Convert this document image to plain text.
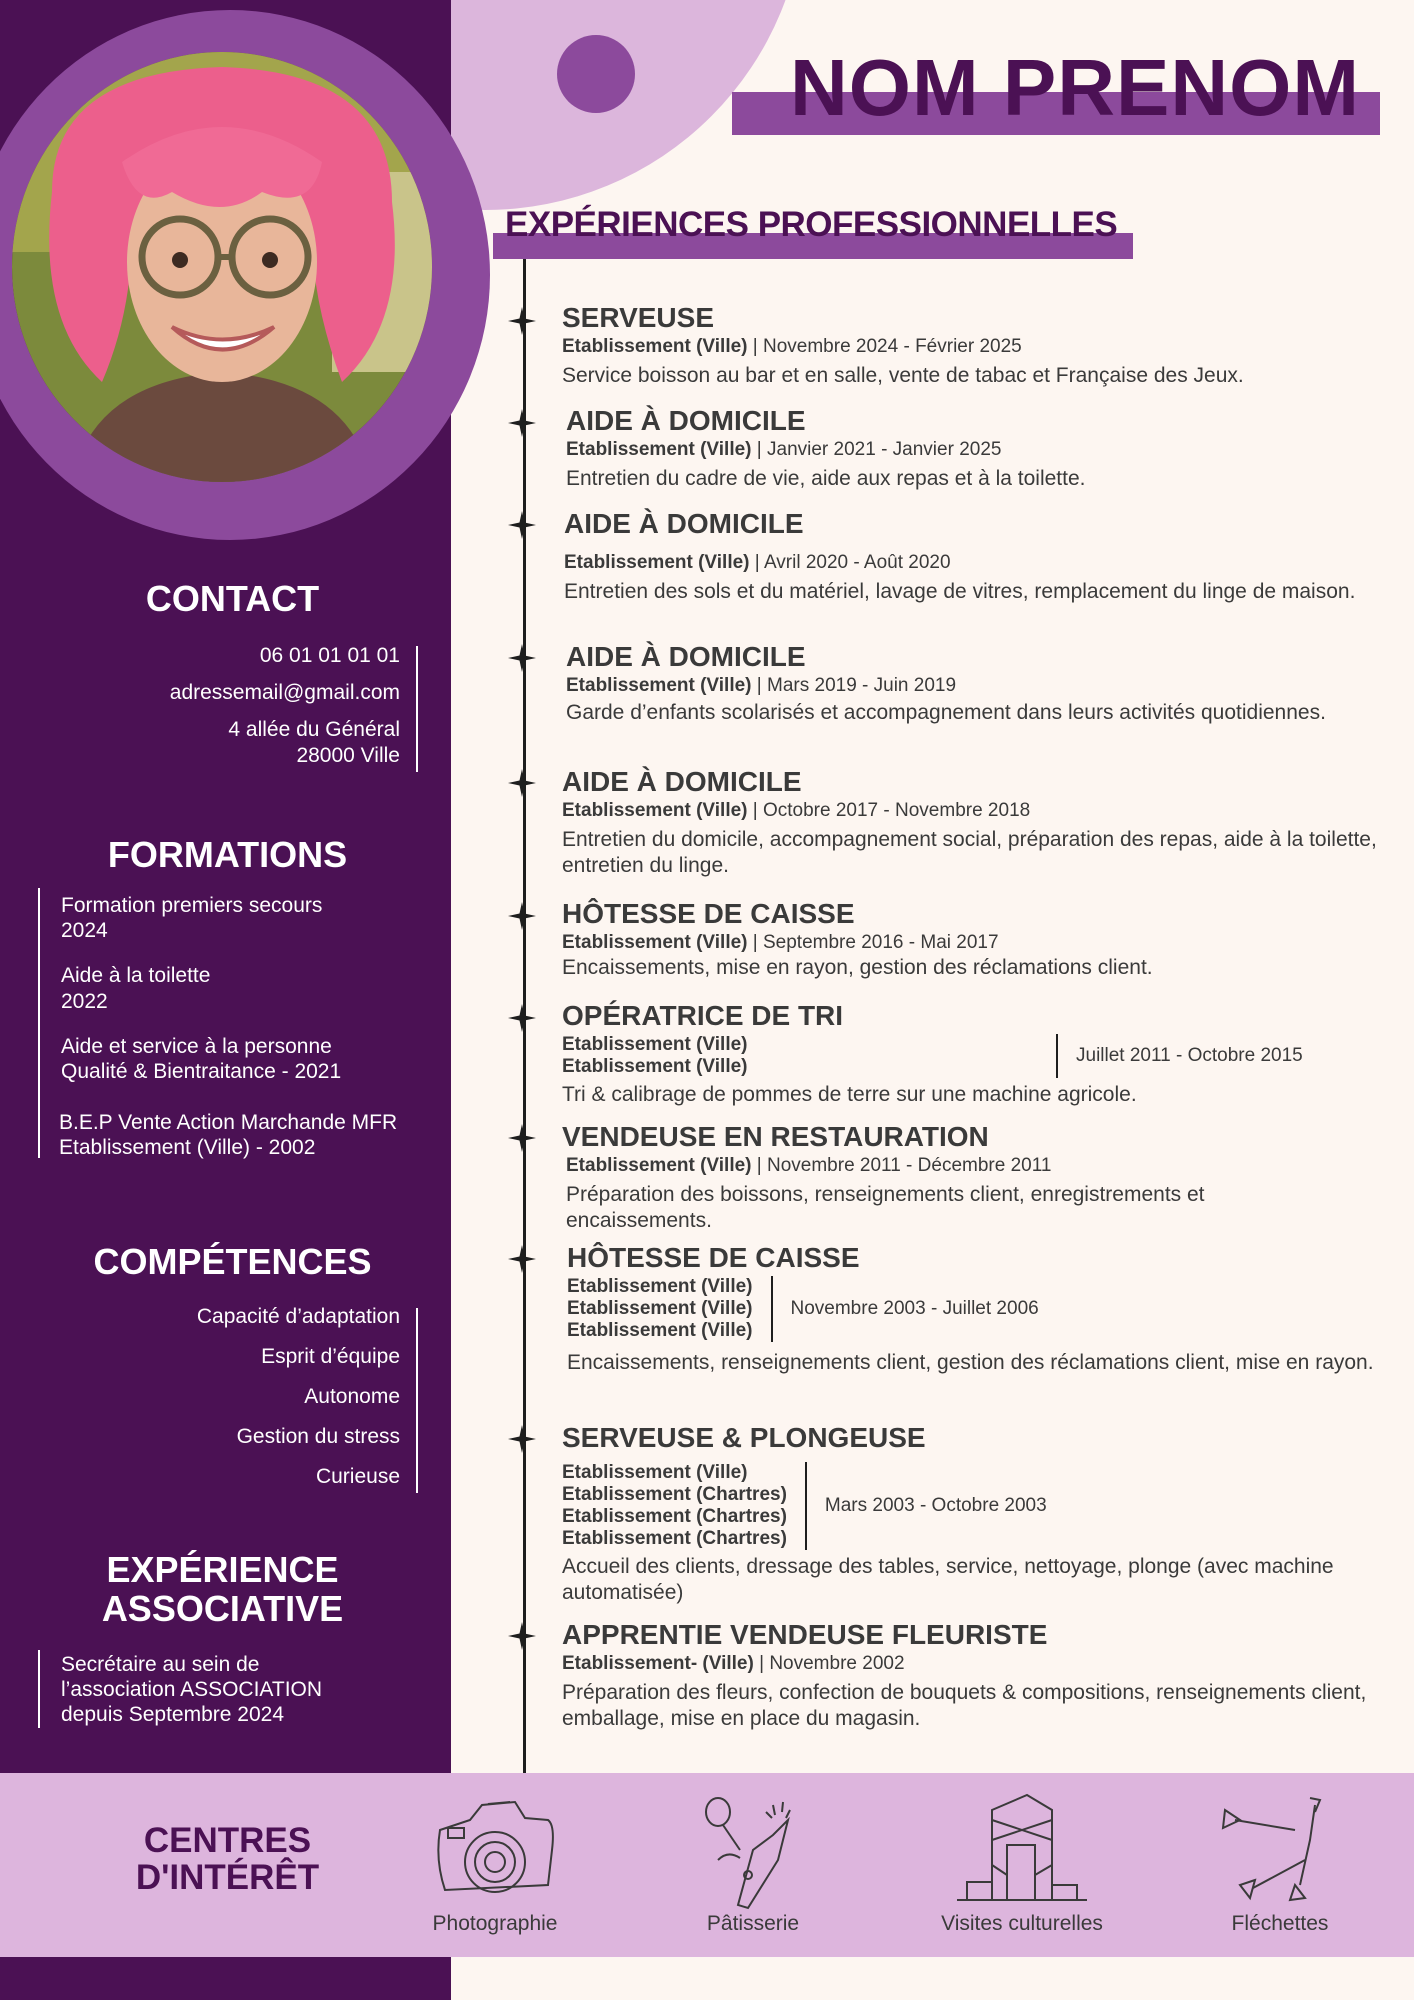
NOM PRENOM
EXPÉRIENCES PROFESSIONNELLES
SERVEUSE
Etablissement (Ville) | Novembre 2024 - Février 2025

Service boisson au bar et en salle, vente de tabac et Française des Jeux.

AIDE À DOMICILE
Etablissement (Ville) | Janvier 2021 - Janvier 2025

Entretien du cadre de vie, aide aux repas et à la toilette.

AIDE À DOMICILE
Etablissement (Ville) | Avril 2020 - Août 2020

Entretien des sols et du matériel, lavage de vitres, remplacement du linge de maison.

AIDE À DOMICILE
Etablissement (Ville) | Mars 2019 - Juin 2019

Garde d’enfants scolarisés et accompagnement dans leurs activités quotidiennes.

AIDE À DOMICILE
Etablissement (Ville) | Octobre 2017 - Novembre 2018

Entretien du domicile, accompagnement social, préparation des repas, aide à la toilette, entretien du linge.

HÔTESSE DE CAISSE
Etablissement (Ville) | Septembre 2016 - Mai 2017

Encaissements, mise en rayon, gestion des réclamations client.

OPÉRATRICE DE TRI
Etablissement (Ville)
Etablissement (Ville)
Juillet 2011 - Octobre 2015

Tri & calibrage de pommes de terre sur une machine agricole.

VENDEUSE EN RESTAURATION
Etablissement (Ville) | Novembre 2011 - Décembre 2011

Préparation des boissons, renseignements client, enregistrements et encaissements.

HÔTESSE DE CAISSE
Etablissement (Ville)
Etablissement (Ville)
Etablissement (Ville)
Novembre 2003 - Juillet 2006

Encaissements, renseignements client, gestion des réclamations client, mise en rayon.

SERVEUSE & PLONGEUSE
Etablissement (Ville)
Etablissement (Chartres)
Etablissement (Chartres)
Etablissement (Chartres)
Mars 2003 - Octobre 2003

Accueil des clients, dressage des tables, service, nettoyage, plonge (avec machine automatisée)

APPRENTIE VENDEUSE FLEURISTE
Etablissement- (Ville) | Novembre 2002

Préparation des fleurs, confection de bouquets & compositions, renseignements client, emballage, mise en place du magasin.

CONTACT
06 01 01 01 01
adressemail@gmail.com
4 allée du Général
28000 Ville
FORMATIONS
Formation premiers secours
2024
Aide à la toilette
2022
Aide et service à la personne
Qualité & Bientraitance - 2021
B.E.P Vente Action Marchande MFR
Etablissement (Ville) - 2002
COMPÉTENCES
Capacité d’adaptation
Esprit d’équipe
Autonome
Gestion du stress
Curieuse
EXPÉRIENCE
ASSOCIATIVE
Secrétaire au sein de
l’association ASSOCIATION
depuis Septembre 2024
CENTRES
D'INTÉRÊT
Photographie	Pâtisserie	Visites culturelles	Fléchettes
